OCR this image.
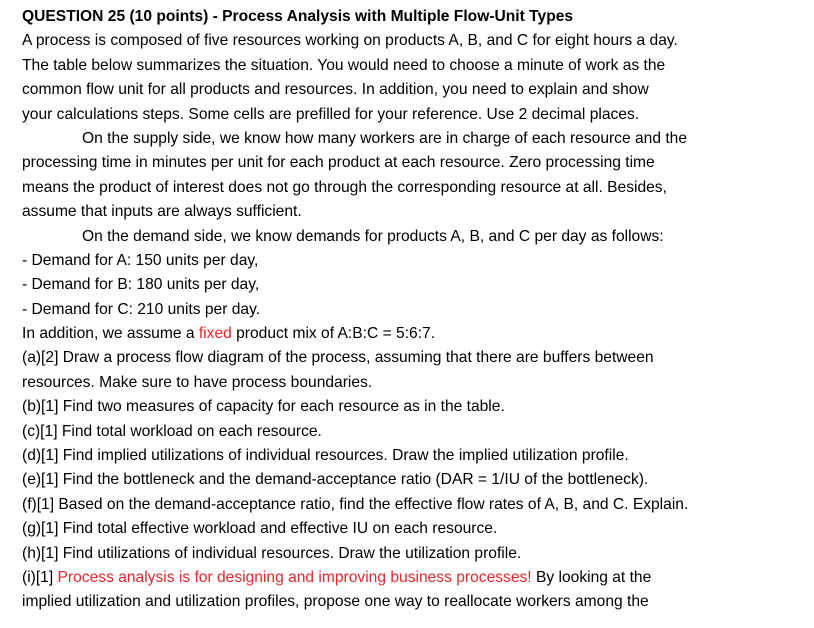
QUESTION 25 (10 points) - Process Analysis with Multiple Flow-Unit Types
A process is composed of five resources working on products A, B, and C for eight hours a day.
The table below summarizes the situation. You would need to choose a minute of work as the
common flow unit for all products and resources. In addition, you need to explain and show
your calculations steps. Some cells are prefilled for your reference. Use 2 decimal places.
On the supply side, we know how many workers are in charge of each resource and the
processing time in minutes per unit for each product at each resource. Zero processing time
means the product of interest does not go through the corresponding resource at all. Besides,
assume that inputs are always sufficient.
On the demand side, we know demands for products A, B, and C per day as follows:
- Demand for A: 150 units per day,
- Demand for B: 180 units per day,
- Demand for C: 210 units per day.
In addition, we assume a fixed product mix of A:B:C = 5:6:7.
(a)[2] Draw a process flow diagram of the process, assuming that there are buffers between
resources. Make sure to have process boundaries.
(b)[1] Find two measures of capacity for each resource as in the table.
(c)[1] Find total workload on each resource.
(d)[1] Find implied utilizations of individual resources. Draw the implied utilization profile.
(e)[1] Find the bottleneck and the demand-acceptance ratio (DAR = 1/IU of the bottleneck).
(f)[1] Based on the demand-acceptance ratio, find the effective flow rates of A, B, and C. Explain.
(g)[1] Find total effective workload and effective IU on each resource.
(h)[1] Find utilizations of individual resources. Draw the utilization profile.
(i)[1] Process analysis is for designing and improving business processes! By looking at the
implied utilization and utilization profiles, propose one way to reallocate workers among the
